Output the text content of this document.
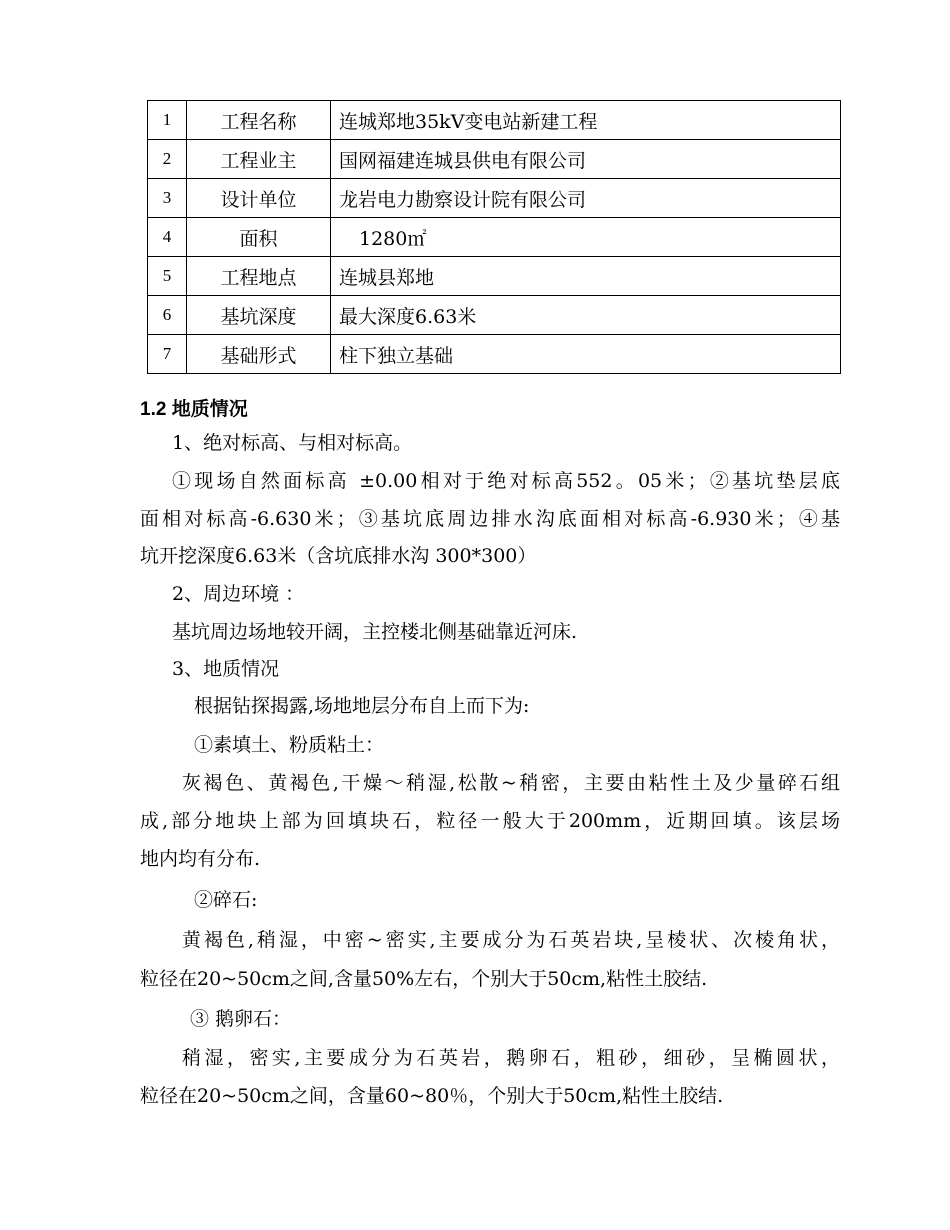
1	工程名称	连城郑地35kV变电站新建工程
2	工程业主	国网福建连城县供电有限公司
3	设计单位	龙岩电力勘察设计院有限公司
4	面积	1280㎡
5	工程地点	连城县郑地
6	基坑深度	最大深度6.63米
7	基础形式	柱下独立基础
1.2 地质情况
1、绝对标高、与相对标高。
①现场自然面标高 ±0.00相对于绝对标高552。05米；②基坑垫层底
面相对标高-6.630米；③基坑底周边排水沟底面相对标高-6.930米；④基
坑开挖深度6.63米（含坑底排水沟 300*300）
2、周边环境 ：
基坑周边场地较开阔，主控楼北侧基础靠近河床.
3、地质情况
根据钻探揭露,场地地层分布自上而下为:
①素填土、粉质粘土：
灰褐色、黄褐色,干燥～稍湿,松散~稍密，主要由粘性土及少量碎石组
成,部分地块上部为回填块石，粒径一般大于200mm，近期回填。该层场
地内均有分布.
②碎石:
黄褐色,稍湿，中密~密实,主要成分为石英岩块,呈棱状、次棱角状，
粒径在20~50cm之间,含量50%左右，个别大于50cm,粘性土胶结.
③ 鹅卵石：
稍湿，密实,主要成分为石英岩，鹅卵石，粗砂，细砂，呈椭圆状，
粒径在20~50cm之间，含量60~80％，个别大于50cm,粘性土胶结.
